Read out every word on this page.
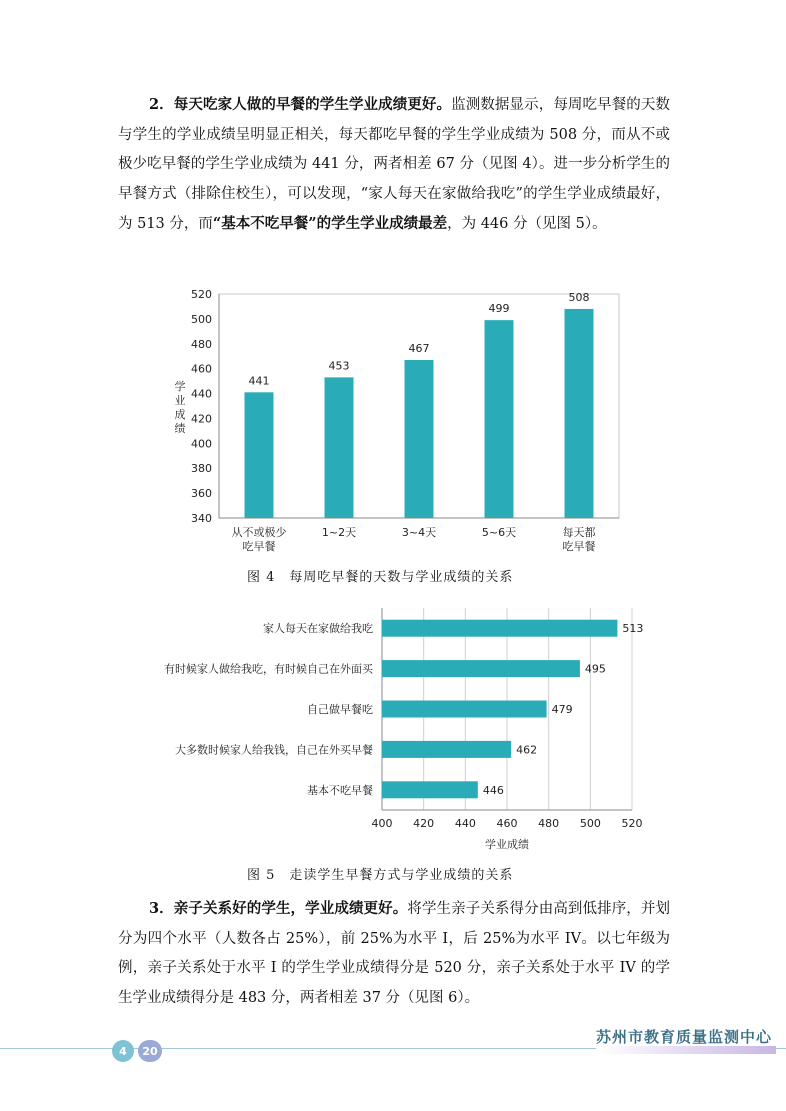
2．每天吃家人做的早餐的学生学业成绩更好。监测数据显示，每周吃早餐的天数与学生的学业成绩呈明显正相关，每天都吃早餐的学生学业成绩为 508 分，而从不或极少吃早餐的学生学业成绩为 441 分，两者相差 67 分（见图 4）。进一步分析学生的早餐方式（排除住校生），可以发现，“家人每天在家做给我吃”的学生学业成绩最好，为 513 分，而“基本不吃早餐”的学生学业成绩最差，为 446 分（见图 5）。
340
360
380
400
420
440
460
480
500
520
学
业
成
绩
441
从不或极少
吃早餐
453
1~2天
467
3~4天
499
5~6天
508
每天都
吃早餐
图 4　每周吃早餐的天数与学业成绩的关系
400 420 440 460 480 500 520
学业成绩
513
家人每天在家做给我吃
495
有时候家人做给我吃，有时候自己在外面买
479
自己做早餐吃
462
大多数时候家人给我钱，自己在外买早餐
446
基本不吃早餐
图 5　走读学生早餐方式与学业成绩的关系
3．亲子关系好的学生，学业成绩更好。将学生亲子关系得分由高到低排序，并划分为四个水平（人数各占 25%），前 25%为水平 I，后 25%为水平 IV。以七年级为例，亲子关系处于水平 I 的学生学业成绩得分是 520 分，亲子关系处于水平 IV 的学生学业成绩得分是 483 分，两者相差 37 分（见图 6）。
4 20
苏州市教育质量监测中心
